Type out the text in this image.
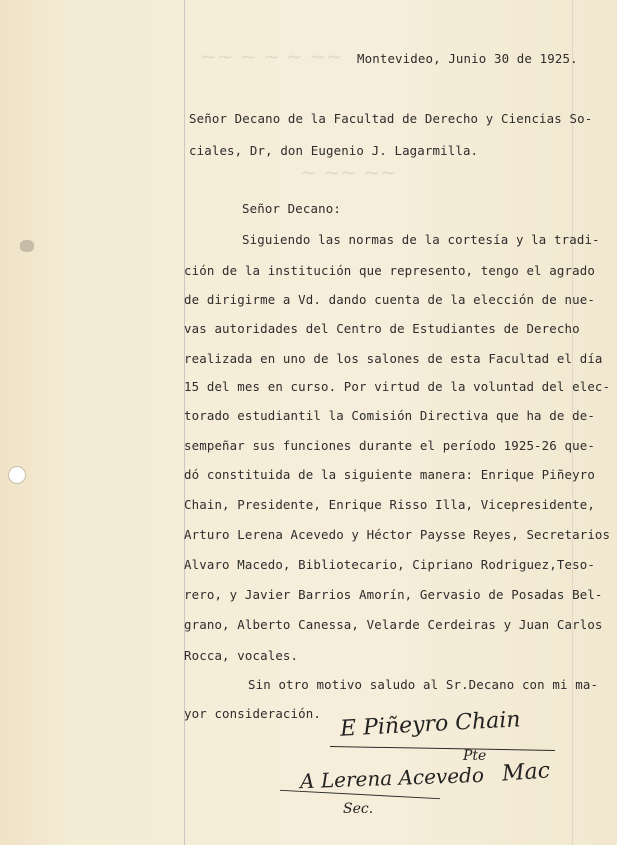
~~ ~ ~ ~ ~~
~ ~~ ~~
Montevideo, Junio 30 de 1925.
Señor Decano de la Facultad de Derecho y Ciencias So-
ciales, Dr, don Eugenio J. Lagarmilla.
Señor Decano:
Siguiendo las normas de la cortesía y la tradi-
ción de la institución que represento, tengo el agrado
de dirigirme a Vd. dando cuenta de la elección de nue-
vas autoridades del Centro de Estudiantes de Derecho
realizada en uno de los salones de esta Facultad el día
15 del mes en curso. Por virtud de la voluntad del elec-
torado estudiantil la Comisión Directiva que ha de de-
sempeñar sus funciones durante el período 1925-26 que-
dó constituida de la siguiente manera: Enrique Piñeyro
Chain, Presidente, Enrique Risso Illa, Vicepresidente,
Arturo Lerena Acevedo y Héctor Paysse Reyes, Secretarios
Alvaro Macedo, Bibliotecario, Cipriano Rodriguez,Teso-
rero, y Javier Barrios Amorín, Gervasio de Posadas Bel-
grano, Alberto Canessa, Velarde Cerdeiras y Juan Carlos
Rocca, vocales.
Sin otro motivo saludo al Sr.Decano con mi ma-
yor consideración. E Piñeyro Chain
Pte
A Lerena Acevedo
Sec.
Mac
